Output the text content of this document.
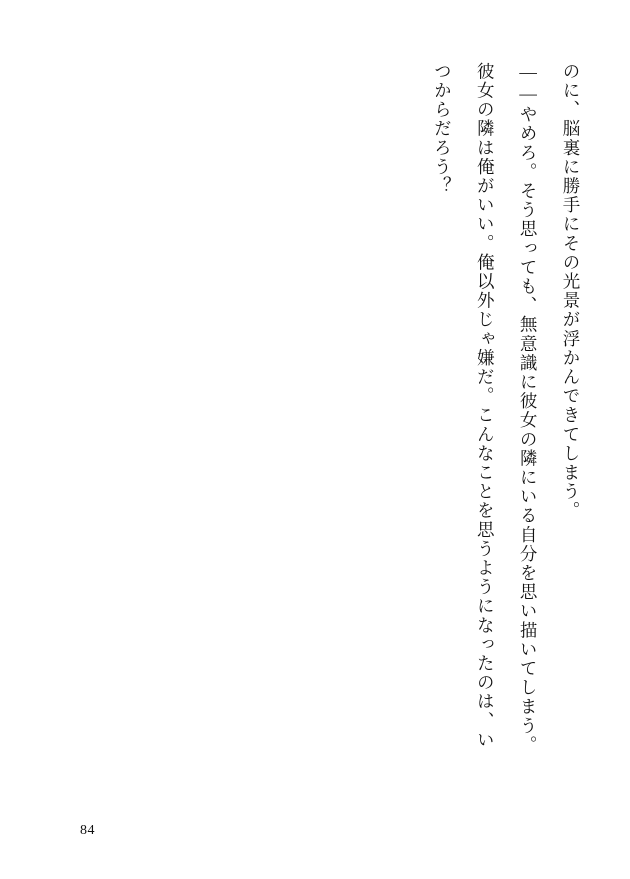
のに、脳裏に勝手にその光景が浮かんできてしまう。

――やめろ。そう思っても、無意識に彼女の隣にいる自分を思い描いてしまう。

彼女の隣は俺がいい。俺以外じゃ嫌だ。こんなことを思うようになったのは、い

つからだろう？

84
